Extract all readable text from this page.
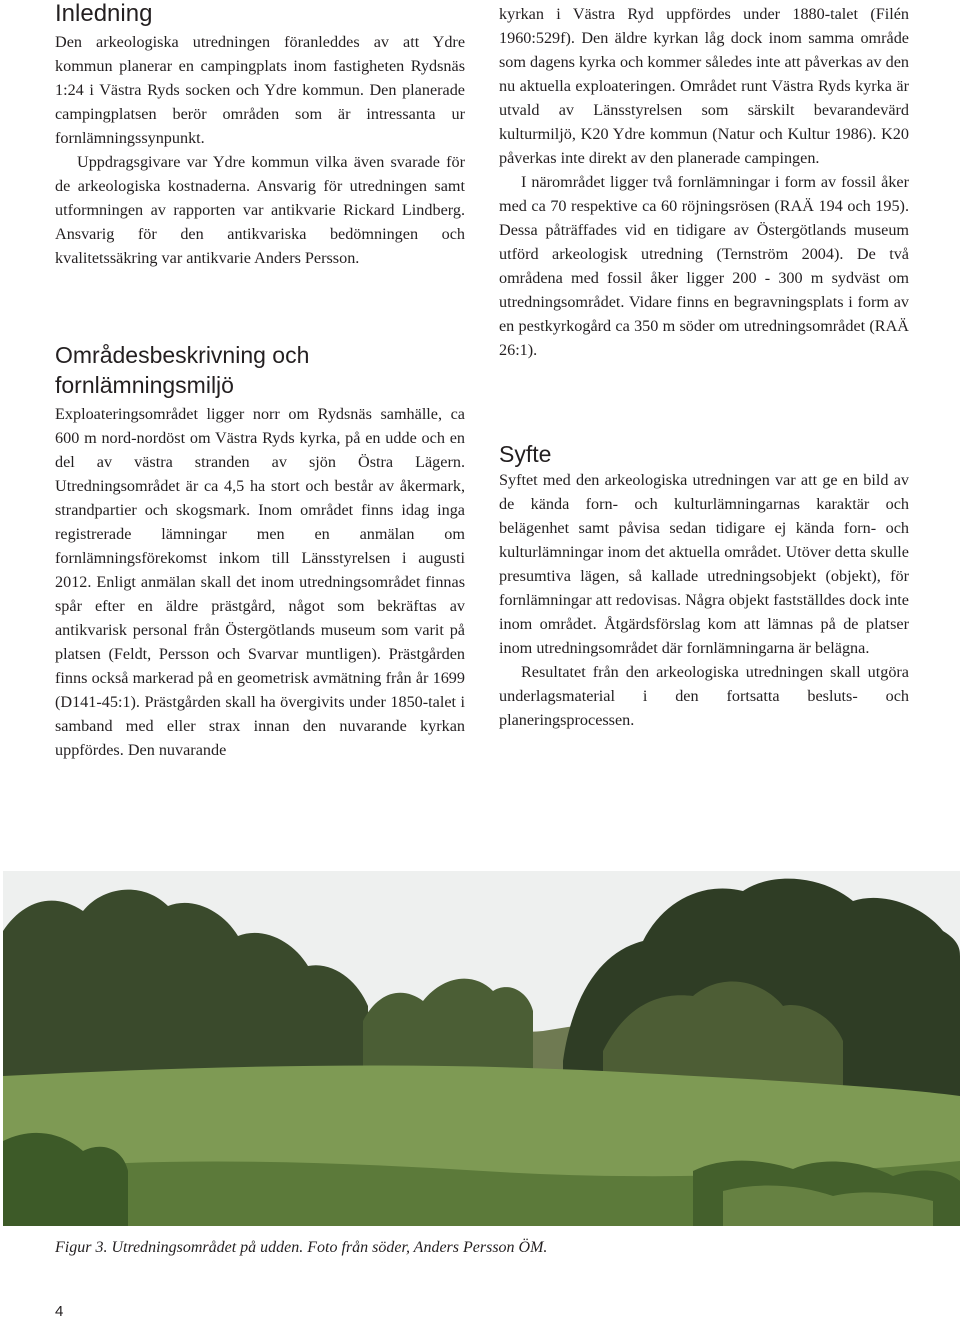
Inledning

Den arkeologiska utredningen föranleddes av att Ydre kommun planerar en campingplats inom fastigheten Rydsnäs 1:24 i Västra Ryds socken och Ydre kommun. Den planerade campingplatsen berör områden som är intressanta ur fornlämningssynpunkt.

Uppdragsgivare var Ydre kommun vilka även svarade för de arkeologiska kostnaderna. Ansvarig för utredningen samt utformningen av rapporten var antikvarie Rickard Lindberg. Ansvarig för den antikvariska bedömningen och kvalitetssäkring var antikvarie Anders Persson.

Områdesbeskrivning och fornlämningsmiljö

Exploateringsområdet ligger norr om Rydsnäs samhälle, ca 600 m nord-nordöst om Västra Ryds kyrka, på en udde och en del av västra stranden av sjön Östra Lägern. Utredningsområdet är ca 4,5 ha stort och består av åkermark, strandpartier och skogsmark. Inom området finns idag inga registrerade lämningar men en anmälan om fornlämningsförekomst inkom till Länsstyrelsen i augusti 2012. Enligt anmälan skall det inom utredningsområdet finnas spår efter en äldre prästgård, något som bekräftas av antikvarisk personal från Östergötlands museum som varit på platsen (Feldt, Persson och Svarvar muntligen). Prästgården finns också markerad på en geometrisk avmätning från år 1699 (D141-45:1). Prästgården skall ha övergivits under 1850-talet i samband med eller strax innan den nuvarande kyrkan uppfördes. Den nuvarande

kyrkan i Västra Ryd uppfördes under 1880-talet (Filén 1960:529f). Den äldre kyrkan låg dock inom samma område som dagens kyrka och kommer således inte att påverkas av den nu aktuella exploateringen. Området runt Västra Ryds kyrka är utvald av Länsstyrelsen som särskilt bevarandevärd kulturmiljö, K20 Ydre kommun (Natur och Kultur 1986). K20 påverkas inte direkt av den planerade campingen.

I närområdet ligger två fornlämningar i form av fossil åker med ca 70 respektive ca 60 röjningsrösen (RAÄ 194 och 195). Dessa påträffades vid en tidigare av Östergötlands museum utförd arkeologisk utredning (Ternström 2004). De två områdena med fossil åker ligger 200 - 300 m sydväst om utredningsområdet. Vidare finns en begravningsplats i form av en pestkyrkogård ca 350 m söder om utredningsområdet (RAÄ 26:1).

Syfte

Syftet med den arkeologiska utredningen var att ge en bild av de kända forn- och kulturlämningarnas karaktär och belägenhet samt påvisa sedan tidigare ej kända forn- och kulturlämningar inom det aktuella området. Utöver detta skulle presumtiva lägen, så kallade utredningsobjekt (objekt), för fornlämningar att redovisas. Några objekt fastställdes dock inte inom området. Åtgärdsförslag kom att lämnas på de platser inom utredningsområdet där fornlämningarna är belägna.

Resultatet från den arkeologiska utredningen skall utgöra underlagsmaterial i den fortsatta besluts- och planeringsprocessen.

Figur 3. Utredningsområdet på udden. Foto från söder, Anders Persson ÖM.
4
